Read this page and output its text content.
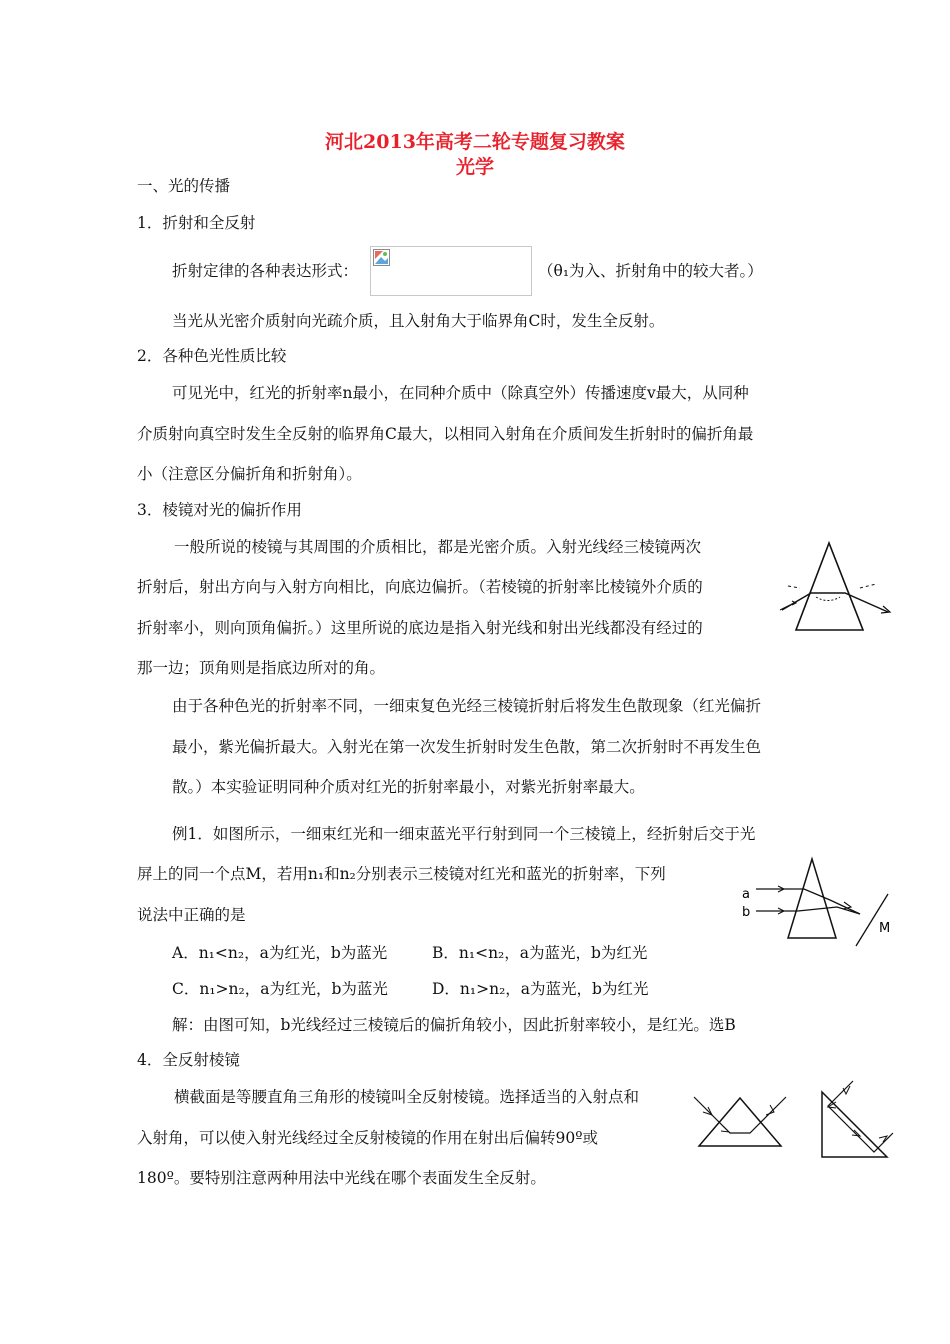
河北2013年高考二轮专题复习教案
光学
一、光的传播
1．折射和全反射
折射定律的各种表达形式：	（θ₁为入、折射角中的较大者。）
当光从光密介质射向光疏介质，且入射角大于临界角C时，发生全反射。
2．各种色光性质比较
可见光中，红光的折射率n最小，在同种介质中（除真空外）传播速度v最大，从同种
介质射向真空时发生全反射的临界角C最大，以相同入射角在介质间发生折射时的偏折角最
小（注意区分偏折角和折射角）。
3．棱镜对光的偏折作用
一般所说的棱镜与其周围的介质相比，都是光密介质。入射光线经三棱镜两次
折射后，射出方向与入射方向相比，向底边偏折。（若棱镜的折射率比棱镜外介质的
折射率小，则向顶角偏折。）这里所说的底边是指入射光线和射出光线都没有经过的
那一边；顶角则是指底边所对的角。
由于各种色光的折射率不同，一细束复色光经三棱镜折射后将发生色散现象（红光偏折
最小，紫光偏折最大。入射光在第一次发生折射时发生色散，第二次折射时不再发生色
散。）本实验证明同种介质对红光的折射率最小，对紫光折射率最大。
例1．如图所示，一细束红光和一细束蓝光平行射到同一个三棱镜上，经折射后交于光
屏上的同一个点M，若用n₁和n₂分别表示三棱镜对红光和蓝光的折射率，下列
说法中正确的是
a
b
M
A．n₁<n₂，a为红光，b为蓝光	B．n₁<n₂，a为蓝光，b为红光
C．n₁>n₂，a为红光，b为蓝光	D．n₁>n₂，a为蓝光，b为红光
解：由图可知，b光线经过三棱镜后的偏折角较小，因此折射率较小，是红光。选B
4．全反射棱镜
横截面是等腰直角三角形的棱镜叫全反射棱镜。选择适当的入射点和
入射角，可以使入射光线经过全反射棱镜的作用在射出后偏转90º或
180º。要特别注意两种用法中光线在哪个表面发生全反射。
